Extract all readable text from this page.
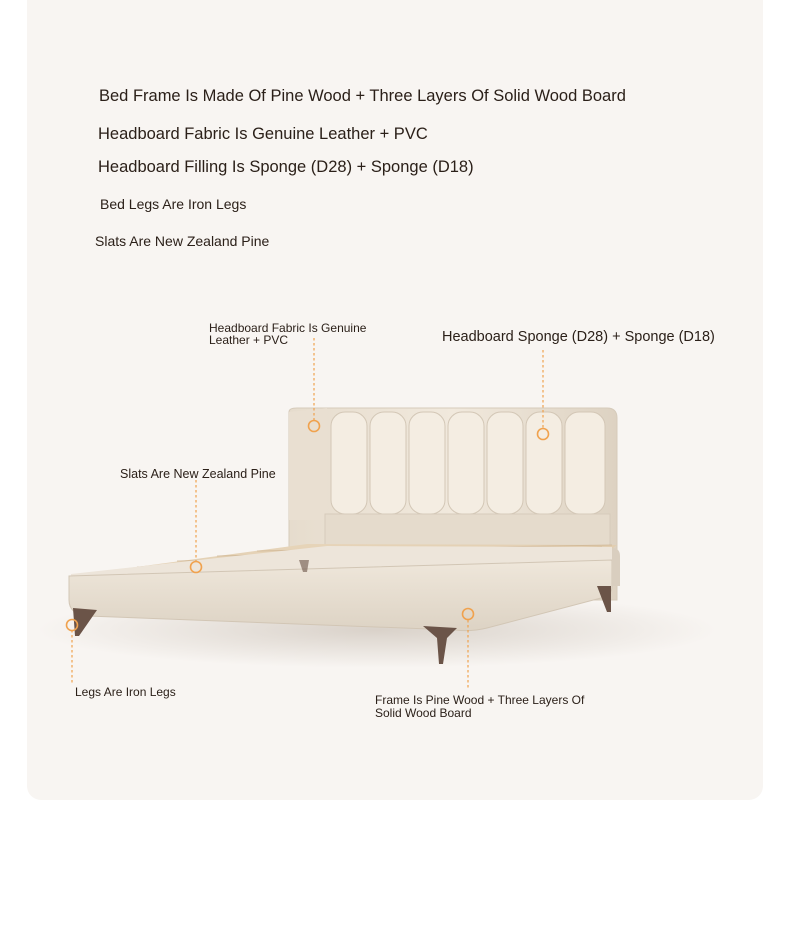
Bed Frame Is Made Of Pine Wood + Three Layers Of Solid Wood Board
Headboard Fabric Is Genuine Leather + PVC
Headboard Filling Is Sponge (D28) + Sponge (D18)
Bed Legs Are Iron Legs
Slats Are New Zealand Pine
Headboard Fabric Is Genuine Leather + PVC	Headboard Sponge (D28) + Sponge (D18)
Slats Are New Zealand Pine
Legs Are Iron Legs
Frame Is Pine Wood + Three Layers Of Solid Wood Board
